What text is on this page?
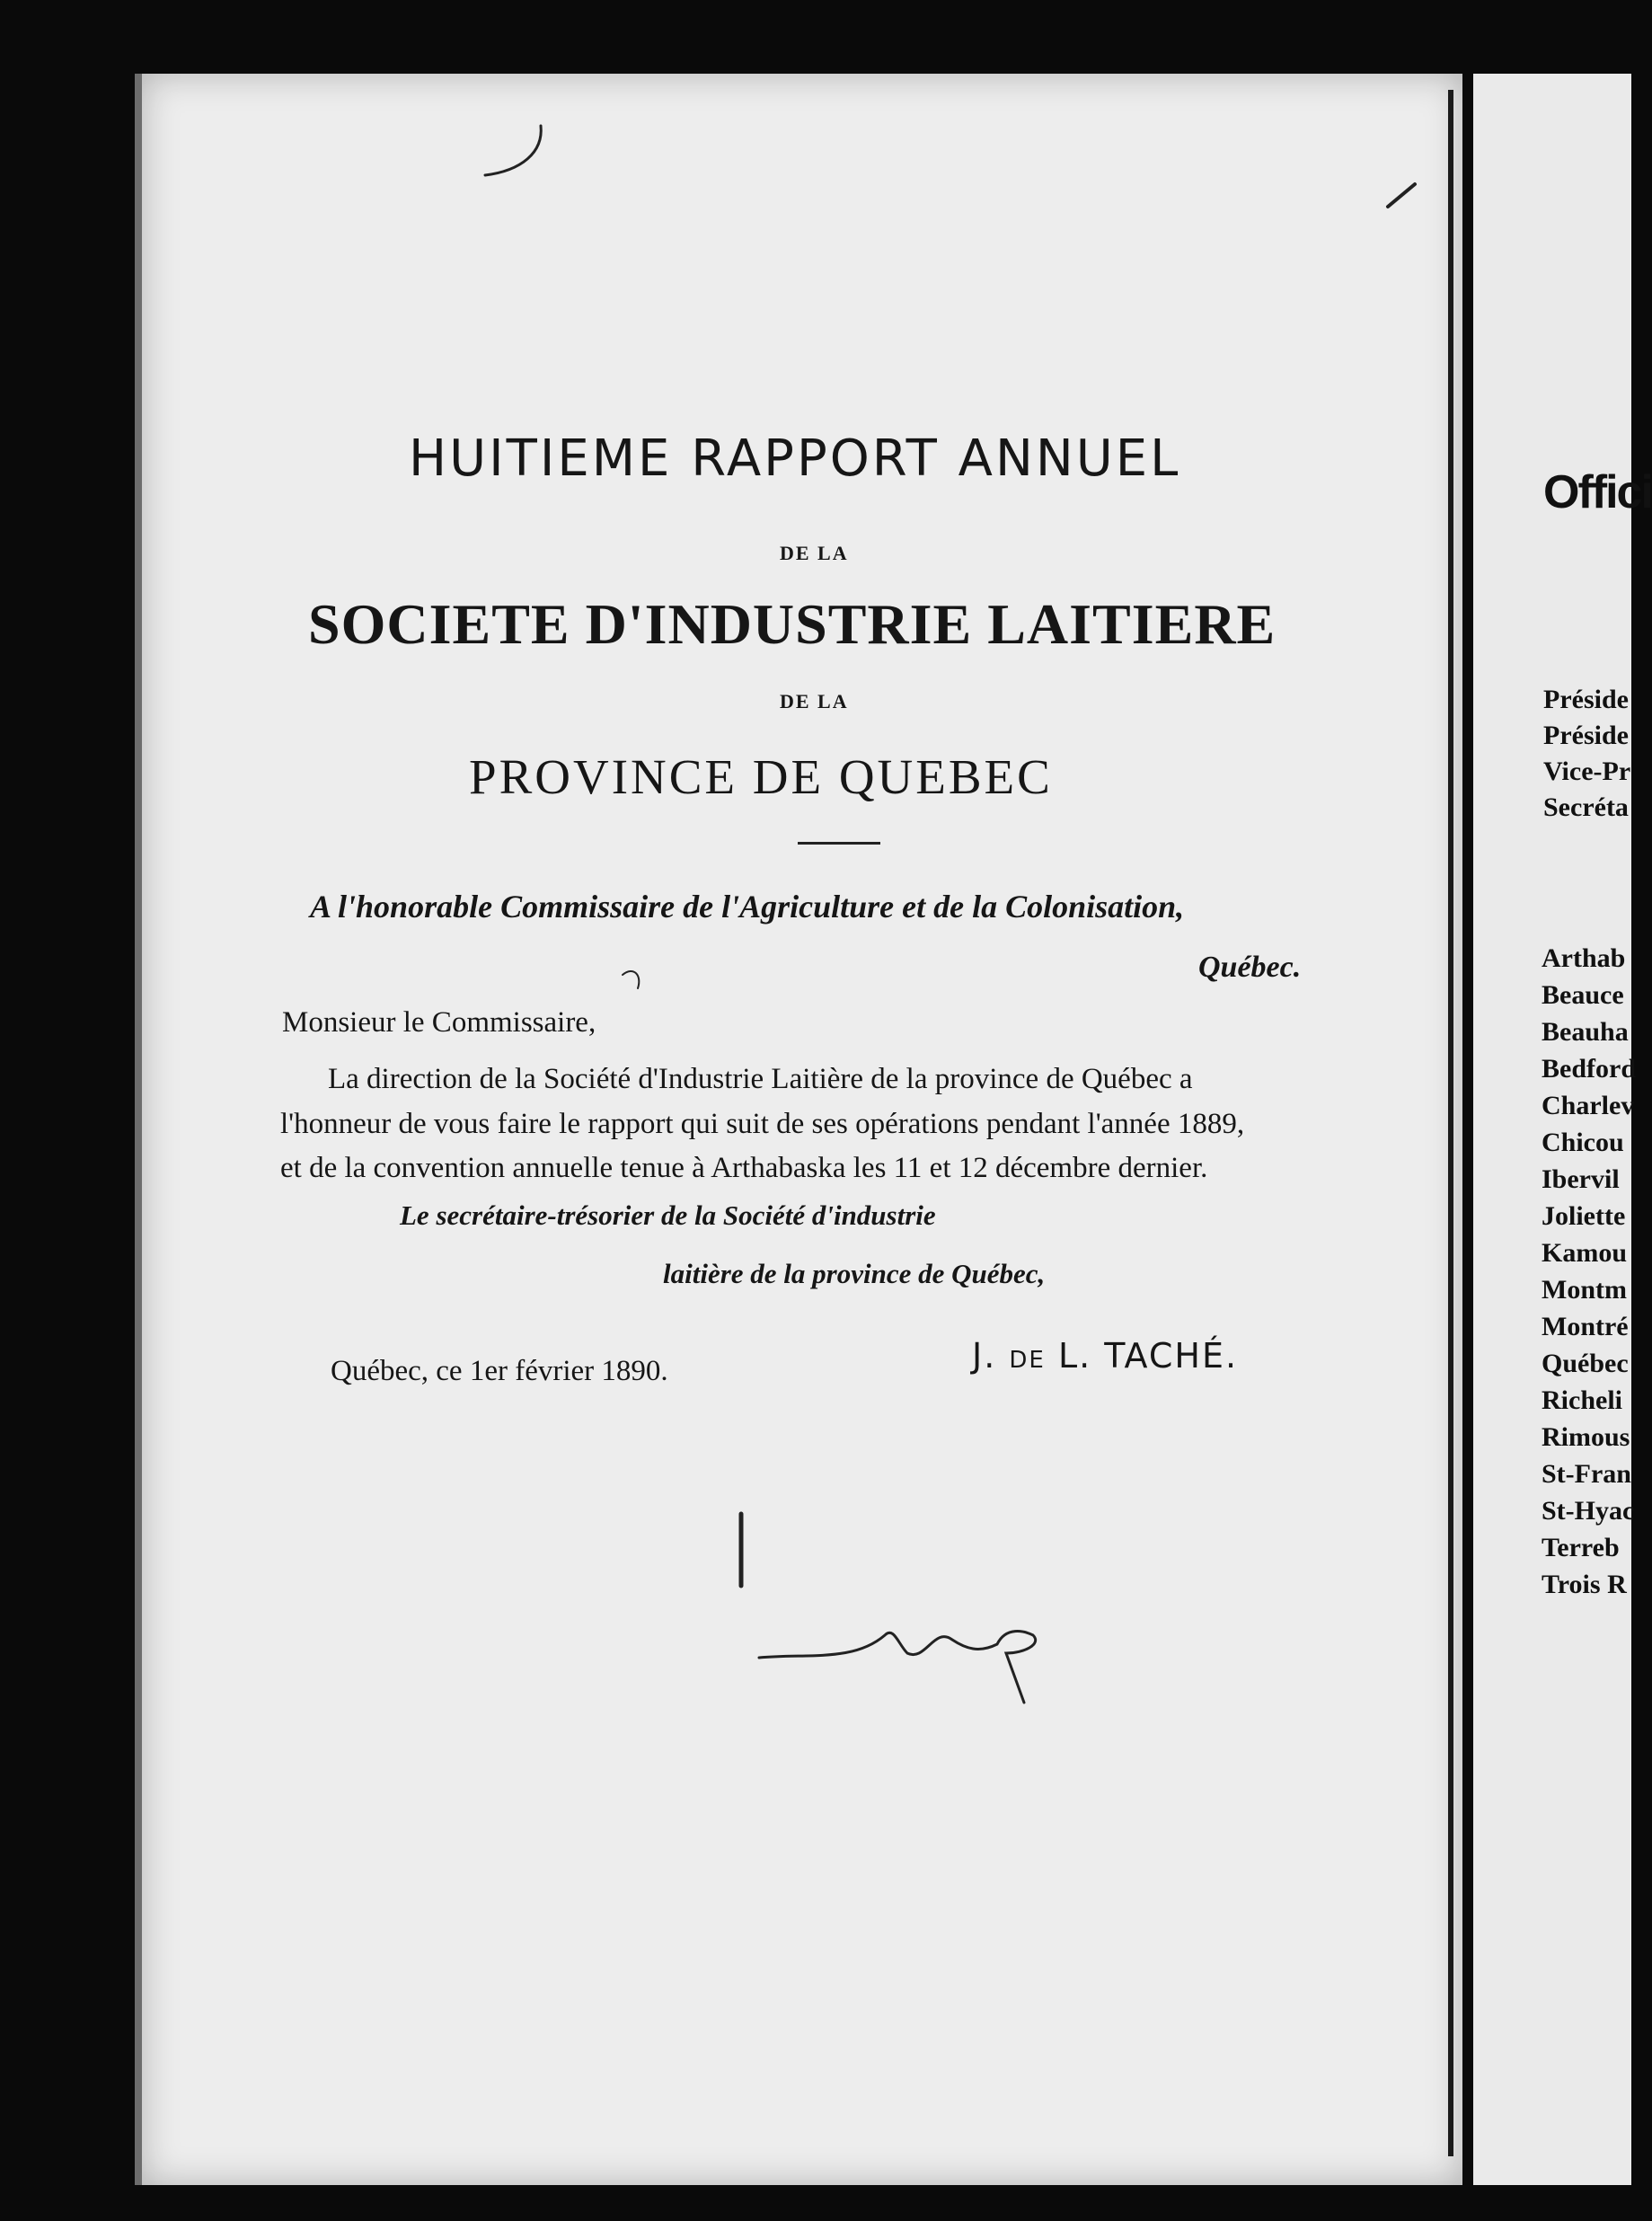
HUITIEME RAPPORT ANNUEL
DE LA
SOCIETE D'INDUSTRIE LAITIERE
DE LA
PROVINCE DE QUEBEC
A l'honorable Commissaire de l'Agriculture et de la Colonisation,
Québec.
Monsieur le Commissaire,
La direction de la Société d'Industrie Laitière de la province de Québec a
l'honneur de vous faire le rapport qui suit de ses opérations pendant l'année 1889,
et de la convention annuelle tenue à Arthabaska les 11 et 12 décembre dernier.
Le secrétaire-trésorier de la Société d'industrie
laitière de la province de Québec,
Québec, ce 1er février 1890.	J. DE L. TACHÉ.
Offici
Préside
Préside
Vice-Pr
Secréta
Arthab
Beauce
Beauha
Bedford
Charlev
Chicou
Ibervil
Joliette
Kamou
Montm
Montré
Québec
Richeli
Rimous
St-Fran
St-Hyac
Terreb
Trois R
